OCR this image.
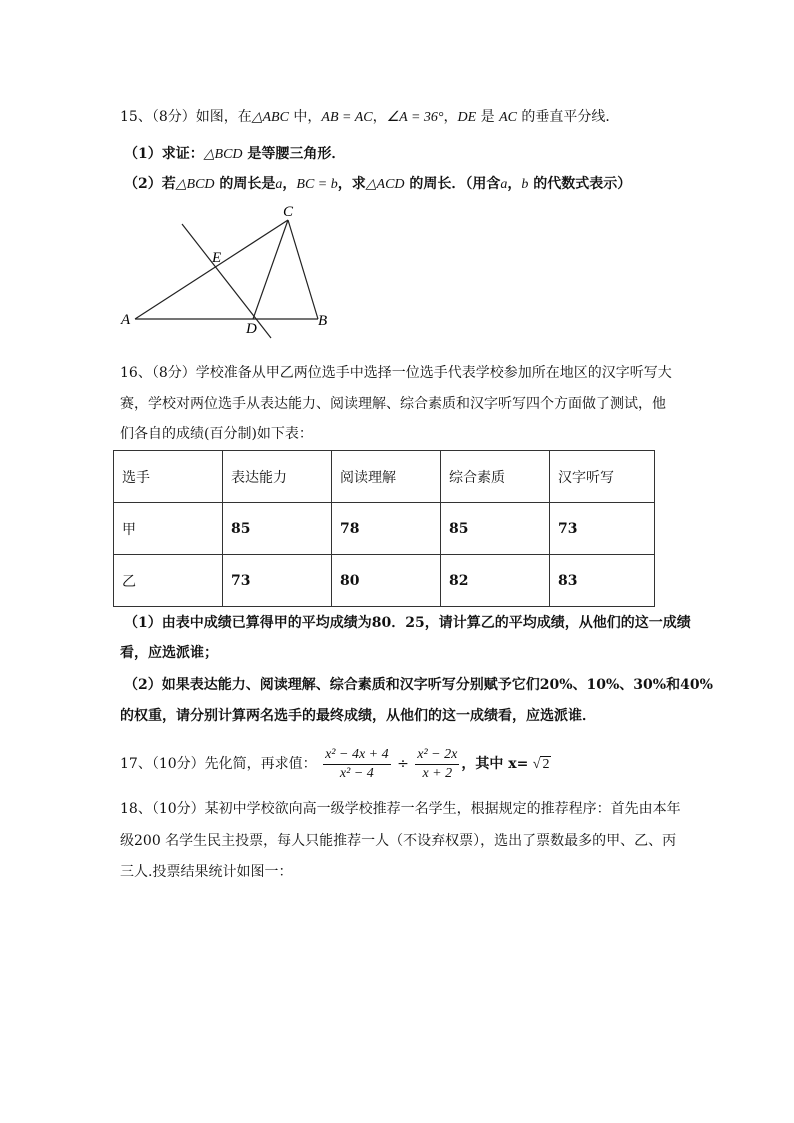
15、（8分）如图，在△ABC 中，AB = AC，∠A = 36°，DE 是 AC 的垂直平分线．
（1）求证：△BCD 是等腰三角形．
（2）若△BCD 的周长是a，BC = b，求△ACD 的周长．（用含a，b 的代数式表示）
A	B
C
D
E
16、（8分）学校准备从甲乙两位选手中选择一位选手代表学校参加所在地区的汉字听写大
赛，学校对两位选手从表达能力、阅读理解、综合素质和汉字听写四个方面做了测试，他
们各自的成绩(百分制)如下表：
选手	表达能力	阅读理解	综合素质	汉字听写
甲	85	78	85	73
乙	73	80	82	83
（1）由表中成绩已算得甲的平均成绩为80．25，请计算乙的平均成绩，从他们的这一成绩
看，应选派谁；
（2）如果表达能力、阅读理解、综合素质和汉字听写分别赋予它们20%、10%、30%和40%
的权重，请分别计算两名选手的最终成绩，从他们的这一成绩看，应选派谁．
17、（10分）先化简，再求值： $\frac{\text{x² − 4x + 4}}{\text{x² − 4}} \div \frac{\text{x² − 2x}}{x + 2}$ ，其中 x= √ 2
18、（10分）某初中学校欲向高一级学校推荐一名学生，根据规定的推荐程序：首先由本年
级200 名学生民主投票，每人只能推荐一人（不设弃权票），选出了票数最多的甲、乙、丙
三人.投票结果统计如图一：
